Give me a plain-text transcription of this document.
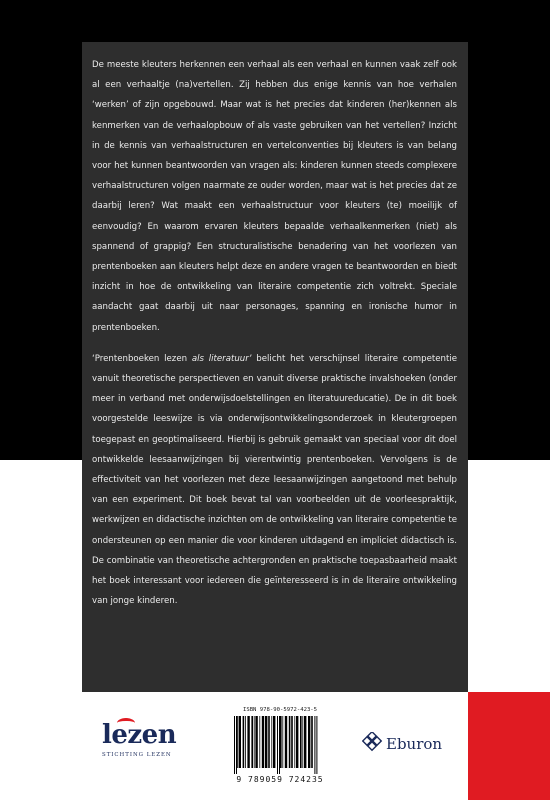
De meeste kleuters herkennen een verhaal als een verhaal en kunnen vaak zelf ook al een verhaaltje (na)vertellen. Zij hebben dus enige kennis van hoe verhalen ‘werken’ of zijn opgebouwd. Maar wat is het precies dat kinderen (her)kennen als kenmerken van de verhaalopbouw of als vaste gebruiken van het vertellen? Inzicht in de kennis van verhaalstructuren en vertelconventies bij kleuters is van belang voor het kunnen beantwoorden van vragen als: kinderen kunnen steeds complexere verhaalstructuren volgen naarmate ze ouder worden, maar wat is het precies dat ze daarbij leren? Wat maakt een verhaalstructuur voor kleuters (te) moeilijk of eenvoudig? En waarom ervaren kleuters bepaalde verhaalkenmerken (niet) als spannend of grappig? Een structuralistische benadering van het voorlezen van prentenboeken aan kleuters helpt deze en andere vragen te beantwoorden en biedt inzicht in hoe de ontwikkeling van literaire competentie zich voltrekt. Speciale aandacht gaat daarbij uit naar personages, spanning en ironische humor in prentenboeken.

‘Prentenboeken lezen als literatuur’ belicht het verschijnsel literaire competentie vanuit theoretische perspectieven en vanuit diverse praktische invalshoeken (onder meer in verband met onderwijsdoelstellingen en literatuureducatie). De in dit boek voorgestelde leeswijze is via onderwijsontwikkelingsonderzoek in kleutergroepen toegepast en geoptimaliseerd. Hierbij is gebruik gemaakt van speciaal voor dit doel ontwikkelde leesaanwijzingen bij vierentwintig prentenboeken. Vervolgens is de effectiviteit van het voorlezen met deze leesaanwijzingen aangetoond met behulp van een experiment. Dit boek bevat tal van voorbeelden uit de voorleespraktijk, werkwijzen en didactische inzichten om de ontwikkeling van literaire competentie te ondersteunen op een manier die voor kinderen uitdagend en impliciet didactisch is. De combinatie van theoretische achtergronden en praktische toepasbaarheid maakt het boek interessant voor iedereen die geïnteresseerd is in de literaire ontwikkeling van jonge kinderen.

lezen
STICHTING LEZEN
ISBN 978-90-5972-423-5
9 789059 724235
Eburon
